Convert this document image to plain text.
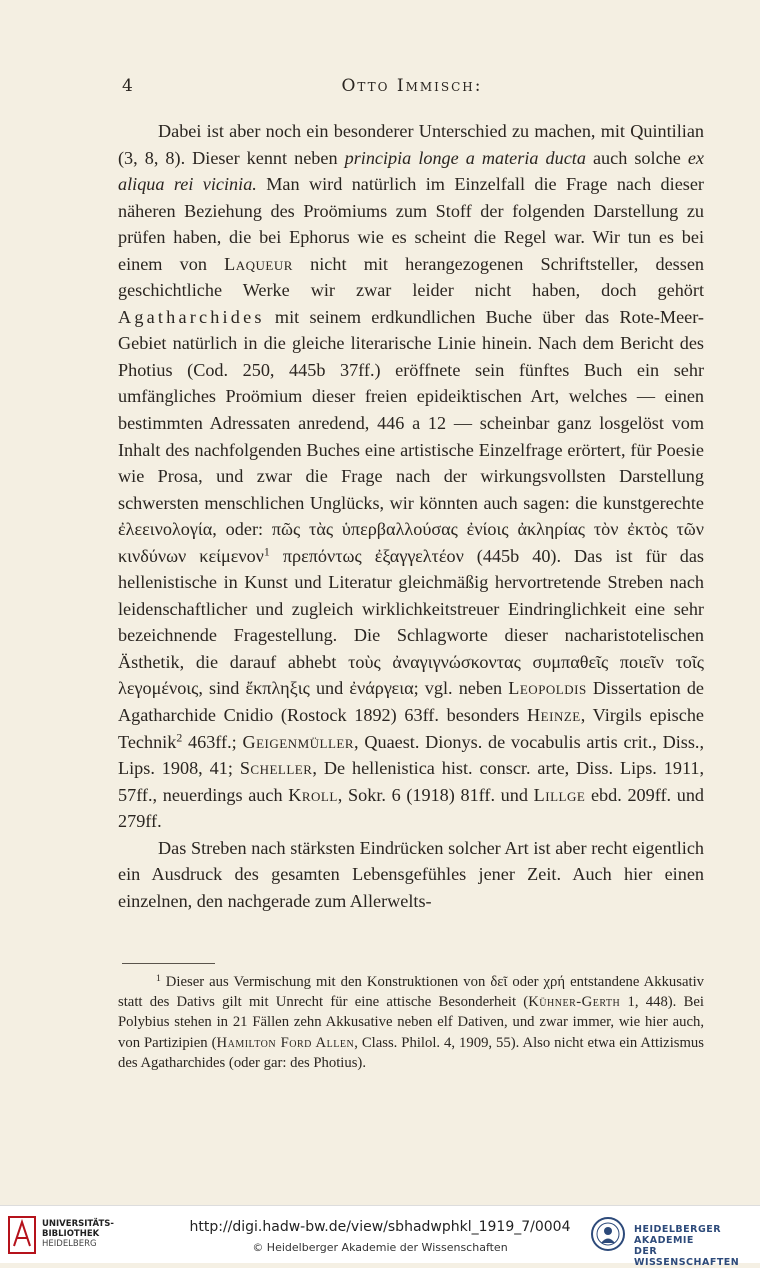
4	Otto Immisch:

Dabei ist aber noch ein besonderer Unterschied zu machen, mit Quintilian (3, 8, 8). Dieser kennt neben principia longe a materia ducta auch solche ex aliqua rei vicinia. Man wird natürlich im Einzelfall die Frage nach dieser näheren Beziehung des Proömiums zum Stoff der folgenden Darstellung zu prüfen haben, die bei Ephorus wie es scheint die Regel war. Wir tun es bei einem von Laqueur nicht mit herangezogenen Schriftsteller, dessen geschichtliche Werke wir zwar leider nicht haben, doch gehört Agatharchides mit seinem erdkundlichen Buche über das Rote-Meer-Gebiet natürlich in die gleiche literarische Linie hinein. Nach dem Bericht des Photius (Cod. 250, 445b 37ff.) eröffnete sein fünftes Buch ein sehr umfängliches Proömium dieser freien epideiktischen Art, welches — einen bestimmten Adressaten anredend, 446 a 12 — scheinbar ganz losgelöst vom Inhalt des nachfolgenden Buches eine artistische Einzelfrage erörtert, für Poesie wie Prosa, und zwar die Frage nach der wirkungsvollsten Darstellung schwersten menschlichen Unglücks, wir könnten auch sagen: die kunstgerechte ἐλεεινολογία, oder: πῶς τὰς ὑπερβαλλούσας ἐνίοις ἀκληρίας τὸν ἐκτὸς τῶν κινδύνων κείμενον$^1$ πρεπόντως ἐξαγγελτέον (445b 40). Das ist für das hellenistische in Kunst und Literatur gleichmäßig hervortretende Streben nach leidenschaftlicher und zugleich wirklichkeitstreuer Eindringlichkeit eine sehr bezeichnende Fragestellung. Die Schlagworte dieser nacharistotelischen Ästhetik, die darauf abhebt τοὺς ἀναγιγνώσκοντας συμπαθεῖς ποιεῖν τοῖς λεγομένοις, sind ἔκπληξις und ἐνάργεια; vgl. neben Leopoldis Dissertation de Agatharchide Cnidio (Rostock 1892) 63ff. besonders Heinze, Virgils epische Technik$^2$ 463ff.; Geigenmüller, Quaest. Dionys. de vocabulis artis crit., Diss., Lips. 1908, 41; Scheller, De hellenistica hist. conscr. arte, Diss. Lips. 1911, 57ff., neuerdings auch Kroll, Sokr. 6 (1918) 81ff. und Lillge ebd. 209ff. und 279ff.

Das Streben nach stärksten Eindrücken solcher Art ist aber recht eigentlich ein Ausdruck des gesamten Lebensgefühles jener Zeit. Auch hier einen einzelnen, den nachgerade zum Allerwelts-

$^1$ Dieser aus Vermischung mit den Konstruktionen von δεῖ oder χρή entstandene Akkusativ statt des Dativs gilt mit Unrecht für eine attische Besonderheit (Kühner-Gerth 1, 448). Bei Polybius stehen in 21 Fällen zehn Akkusative neben elf Dativen, und zwar immer, wie hier auch, von Partizipien (Hamilton Ford Allen, Class. Philol. 4, 1909, 55). Also nicht etwa ein Attizismus des Agatharchides (oder gar: des Photius).
UNIVERSITÄTS-
BIBLIOTHEK
HEIDELBERG
http://digi.hadw-bw.de/view/sbhadwphkl_1919_7/0004
© Heidelberger Akademie der Wissenschaften
HEIDELBERGER AKADEMIE
DER WISSENSCHAFTEN
